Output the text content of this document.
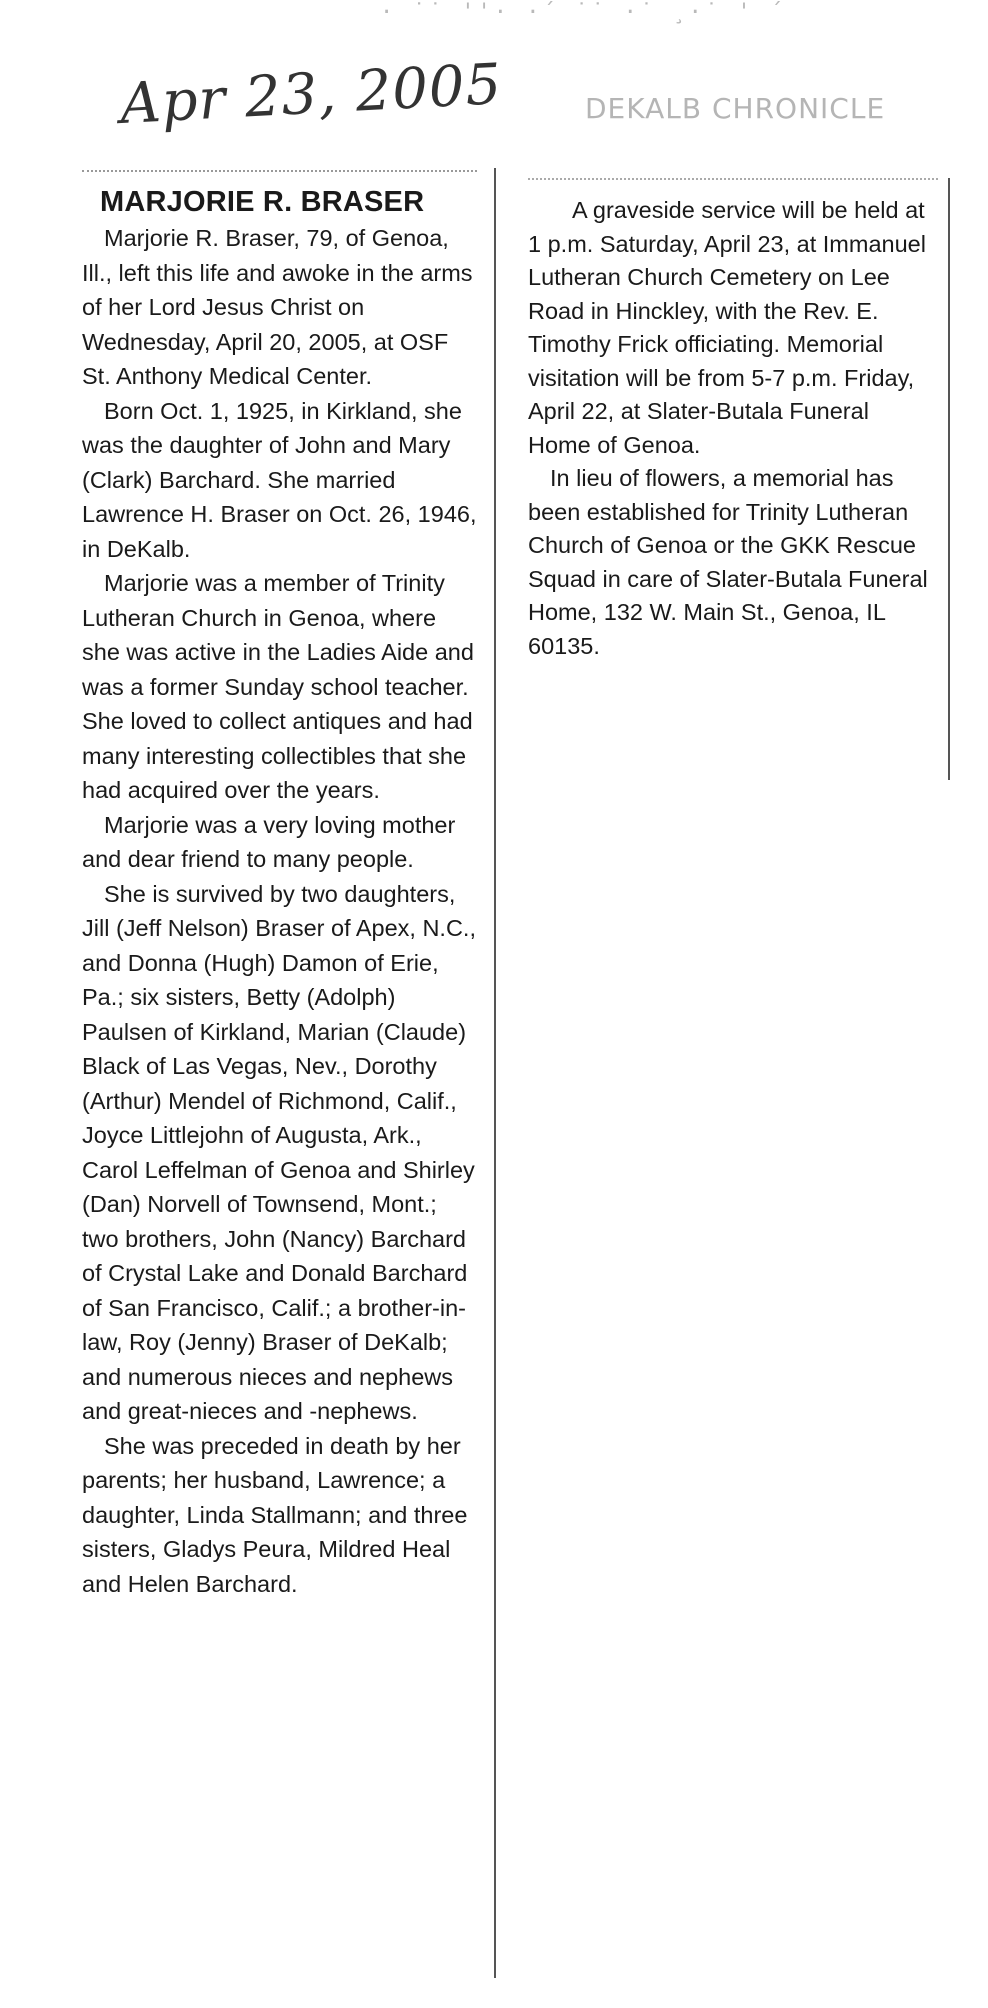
· ˙˙ ''· ·´ ˙˙ ·˙ ¸·˙ ' ´
Apr 23, 2005	DEKALB CHRONICLE
MARJORIE R. BRASER

Marjorie R. Braser, 79, of Genoa, Ill., left this life and awoke in the arms of her Lord Jesus Christ on Wednesday, April 20, 2005, at OSF St. Anthony Medical Center.

Born Oct. 1, 1925, in Kirkland, she was the daughter of John and Mary (Clark) Barchard. She married Lawrence H. Braser on Oct. 26, 1946, in DeKalb.

Marjorie was a member of Trinity Lutheran Church in Genoa, where she was active in the Ladies Aide and was a former Sunday school teacher. She loved to collect antiques and had many interesting collectibles that she had acquired over the years.

Marjorie was a very loving mother and dear friend to many people.

She is survived by two daughters, Jill (Jeff Nelson) Braser of Apex, N.C., and Donna (Hugh) Damon of Erie, Pa.; six sisters, Betty (Adolph) Paulsen of Kirkland, Marian (Claude) Black of Las Vegas, Nev., Dorothy (Arthur) Mendel of Richmond, Calif., Joyce Littlejohn of Augusta, Ark., Carol Leffelman of Genoa and Shirley (Dan) Norvell of Townsend, Mont.; two brothers, John (Nancy) Barchard of Crystal Lake and Donald Barchard of San Francisco, Calif.; a brother-in-law, Roy (Jenny) Braser of DeKalb; and numerous nieces and nephews and great-nieces and -nephews.

She was preceded in death by her parents; her husband, Lawrence; a daughter, Linda Stallmann; and three sisters, Gladys Peura, Mildred Heal and Helen Barchard.

A graveside service will be held at 1 p.m. Saturday, April 23, at Immanuel Lutheran Church Cemetery on Lee Road in Hinckley, with the Rev. E. Timothy Frick officiating. Memorial visitation will be from 5-7 p.m. Friday, April 22, at Slater-Butala Funeral Home of Genoa.

In lieu of flowers, a memorial has been established for Trinity Lutheran Church of Genoa or the GKK Rescue Squad in care of Slater-Butala Funeral Home, 132 W. Main St., Genoa, IL 60135.
